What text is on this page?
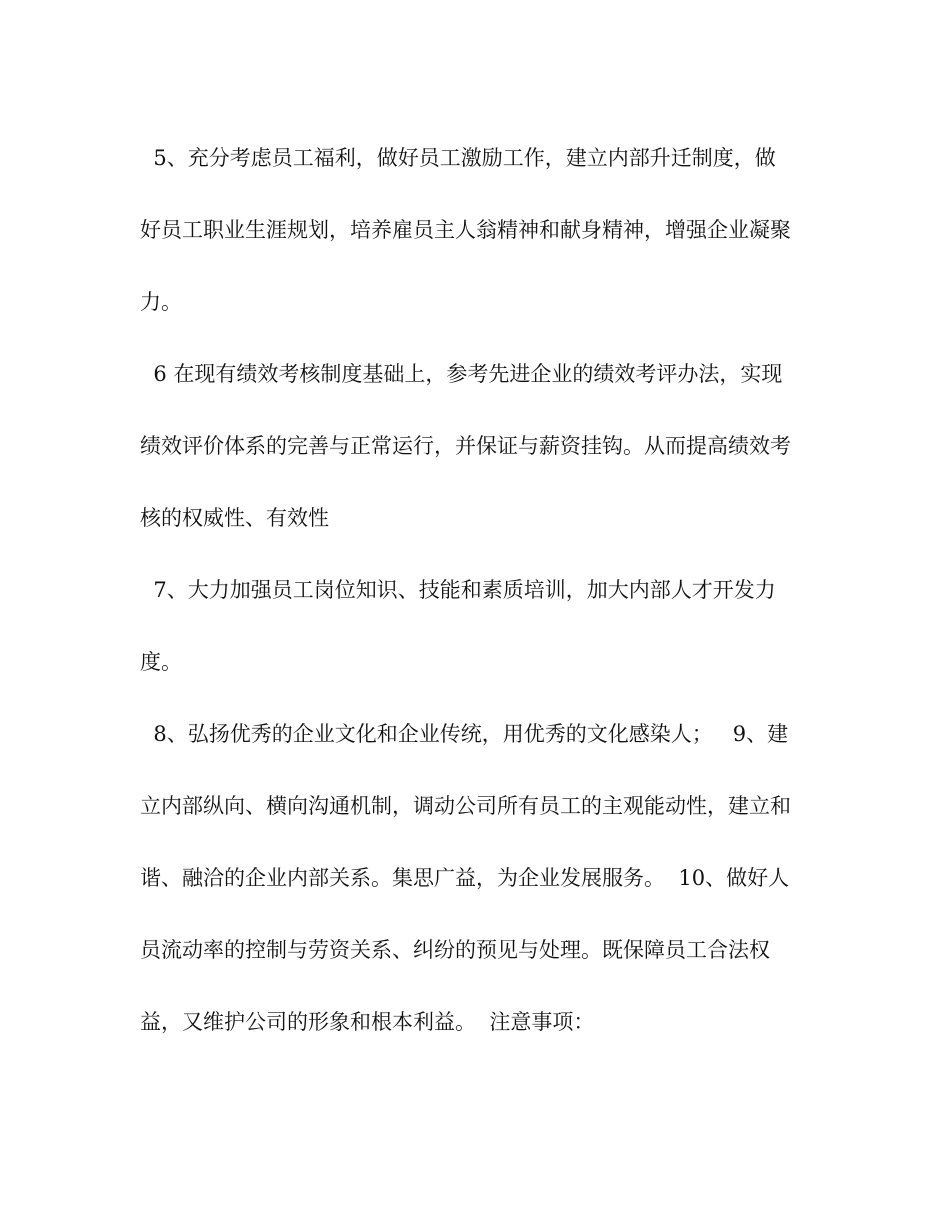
5、充分考虑员工福利，做好员工激励工作，建立内部升迁制度，做
好员工职业生涯规划，培养雇员主人翁精神和献身精神，增强企业凝聚
力。
6 在现有绩效考核制度基础上，参考先进企业的绩效考评办法，实现
绩效评价体系的完善与正常运行，并保证与薪资挂钩。从而提高绩效考
核的权威性、有效性
7、大力加强员工岗位知识、技能和素质培训，加大内部人才开发力
度。
8、弘扬优秀的企业文化和企业传统，用优秀的文化感染人；   9、建
立内部纵向、横向沟通机制，调动公司所有员工的主观能动性，建立和
谐、融洽的企业内部关系。集思广益，为企业发展服务。  10、做好人
员流动率的控制与劳资关系、纠纷的预见与处理。既保障员工合法权
益，又维护公司的形象和根本利益。  注意事项：
